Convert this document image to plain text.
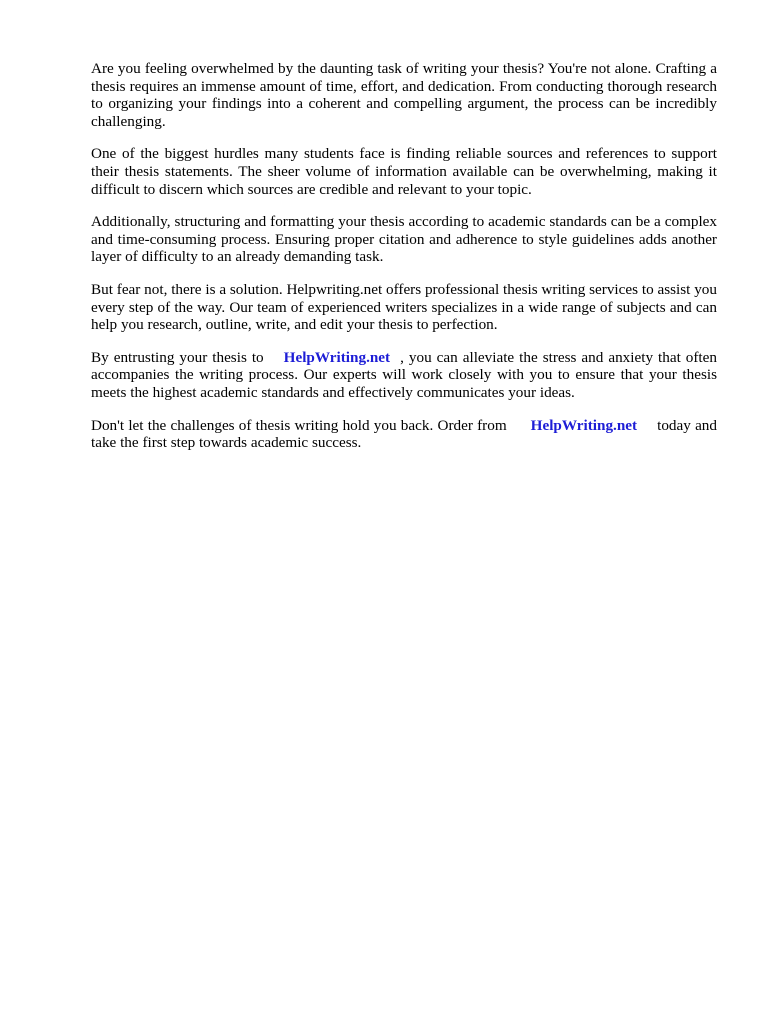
Are you feeling overwhelmed by the daunting task of writing your thesis? You're not alone. Crafting a thesis requires an immense amount of time, effort, and dedication. From conducting thorough research to organizing your findings into a coherent and compelling argument, the process can be incredibly challenging.

One of the biggest hurdles many students face is finding reliable sources and references to support their thesis statements. The sheer volume of information available can be overwhelming, making it difficult to discern which sources are credible and relevant to your topic.

Additionally, structuring and formatting your thesis according to academic standards can be a complex and time-consuming process. Ensuring proper citation and adherence to style guidelines adds another layer of difficulty to an already demanding task.

But fear not, there is a solution. Helpwriting.net offers professional thesis writing services to assist you every step of the way. Our team of experienced writers specializes in a wide range of subjects and can help you research, outline, write, and edit your thesis to perfection.

By entrusting your thesis to HelpWriting.net , you can alleviate the stress and anxiety that often accompanies the writing process. Our experts will work closely with you to ensure that your thesis meets the highest academic standards and effectively communicates your ideas.

Don't let the challenges of thesis writing hold you back. Order from HelpWriting.net today and take the first step towards academic success.
